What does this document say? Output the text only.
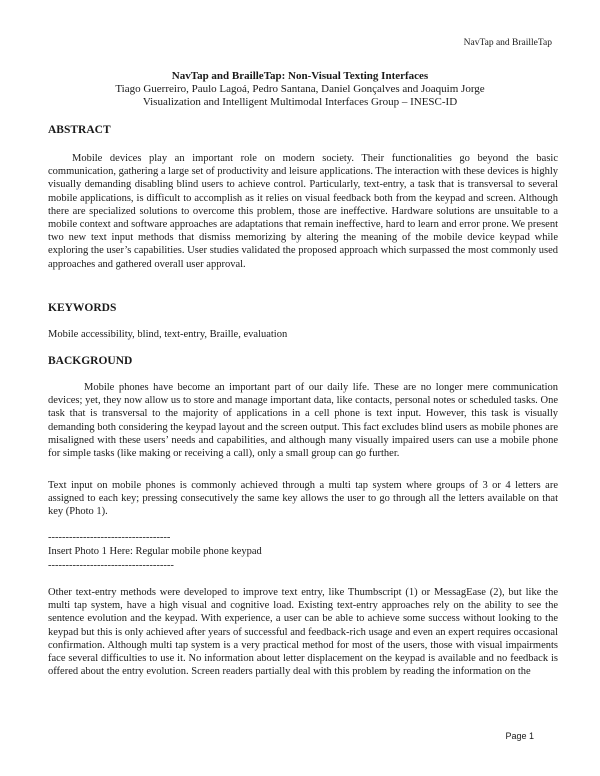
NavTap and BrailleTap
NavTap and BrailleTap: Non-Visual Texting Interfaces
Tiago Guerreiro, Paulo Lagoá, Pedro Santana, Daniel Gonçalves and Joaquim Jorge
Visualization and Intelligent Multimodal Interfaces Group – INESC-ID
ABSTRACT

Mobile devices play an important role on modern society. Their functionalities go beyond the basic communication, gathering a large set of productivity and leisure applications. The interaction with these devices is highly visually demanding disabling blind users to achieve control. Particularly, text-entry, a task that is transversal to several mobile applications, is difficult to accomplish as it relies on visual feedback both from the keypad and screen. Although there are specialized solutions to overcome this problem, those are ineffective. Hardware solutions are unsuitable to a mobile context and software approaches are adaptations that remain ineffective, hard to learn and error prone. We present two new text input methods that dismiss memorizing by altering the meaning of the mobile device keypad while exploring the user’s capabilities. User studies validated the proposed approach which surpassed the most commonly used approaches and gathered overall user approval.

KEYWORDS

Mobile accessibility, blind, text-entry, Braille, evaluation

BACKGROUND

Mobile phones have become an important part of our daily life. These are no longer mere communication devices; yet, they now allow us to store and manage important data, like contacts, personal notes or scheduled tasks. One task that is transversal to the majority of applications in a cell phone is text input. However, this task is visually demanding both considering the keypad layout and the screen output. This fact excludes blind users as mobile phones are misaligned with these users’ needs and capabilities, and although many visually impaired users can use a mobile phone for simple tasks (like making or receiving a call), only a small group can go further.

Text input on mobile phones is commonly achieved through a multi tap system where groups of 3 or 4 letters are assigned to each key; pressing consecutively the same key allows the user to go through all the letters available on that key (Photo 1).

-----------------------------------
Insert Photo 1 Here: Regular mobile phone keypad
------------------------------------

Other text-entry methods were developed to improve text entry, like Thumbscript (1) or MessagEase (2), but like the multi tap system, have a high visual and cognitive load. Existing text-entry approaches rely on the ability to see the sentence evolution and the keypad. With experience, a user can be able to achieve some success without looking to the keypad but this is only achieved after years of successful and feedback-rich usage and even an expert requires occasional confirmation. Although multi tap system is a very practical method for most of the users, those with visual impairments face several difficulties to use it. No information about letter displacement on the keypad is available and no feedback is offered about the entry evolution. Screen readers partially deal with this problem by reading the information on the

Page 1
